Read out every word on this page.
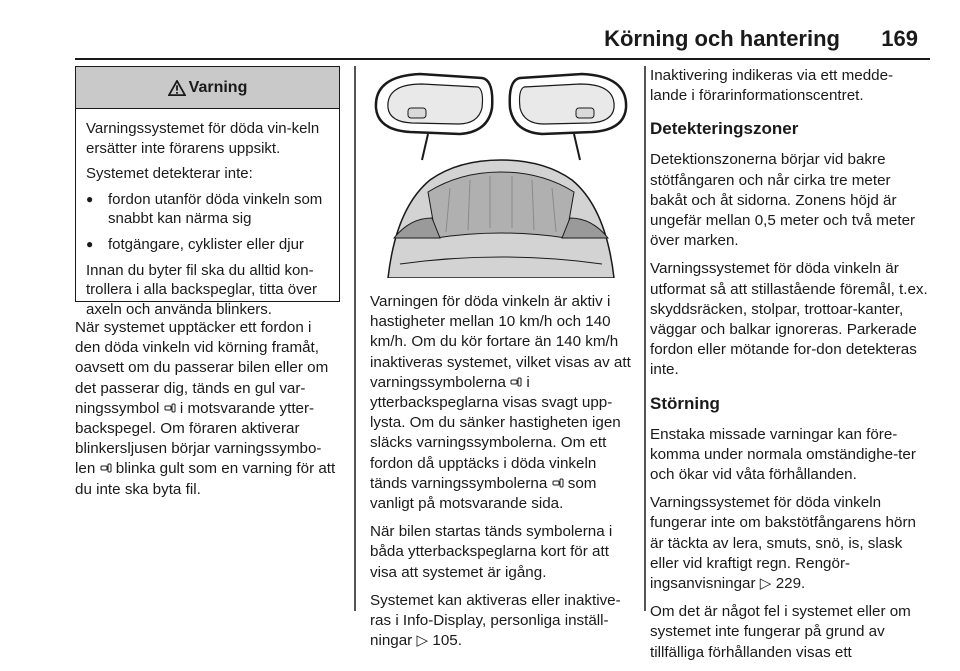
Körning och hantering 169
Varning

Varningssystemet för döda vin-keln ersätter inte förarens uppsikt.

Systemet detekterar inte:

● fordon utanför döda vinkeln som snabbt kan närma sig
● fotgängare, cyklister eller djur

Innan du byter fil ska du alltid kon-trollera i alla backspeglar, titta över axeln och använda blinkers.

När systemet upptäcker ett fordon i den döda vinkeln vid körning framåt, oavsett om du passerar bilen eller om det passerar dig, tänds en gul var-ningssymbol i motsvarande ytter-backspegel. Om föraren aktiverar blinkersljusen börjar varningssymbo-len blinka gult som en varning för att du inte ska byta fil.

Varningen för döda vinkeln är aktiv i hastigheter mellan 10 km/h och 140 km/h. Om du kör fortare än 140 km/h inaktiveras systemet, vilket visas av att varningssymbolerna i ytterbackspeglarna visas svagt upp-lysta. Om du sänker hastigheten igen släcks varningssymbolerna. Om ett fordon då upptäcks i döda vinkeln tänds varningssymbolerna som vanligt på motsvarande sida.

När bilen startas tänds symbolerna i båda ytterbackspeglarna kort för att visa att systemet är igång.

Systemet kan aktiveras eller inaktive-ras i Info-Display, personliga inställ-ningar ▷ 105.

Inaktivering indikeras via ett medde-lande i förarinformationscentret.

Detekteringszoner

Detektionszonerna börjar vid bakre stötfångaren och når cirka tre meter bakåt och åt sidorna. Zonens höjd är ungefär mellan 0,5 meter och två meter över marken.

Varningssystemet för döda vinkeln är utformat så att stillastående föremål, t.ex. skyddsräcken, stolpar, trottoar-kanter, väggar och balkar ignoreras. Parkerade fordon eller mötande for-don detekteras inte.

Störning

Enstaka missade varningar kan före-komma under normala omständighe-ter och ökar vid våta förhållanden.

Varningssystemet för döda vinkeln fungerar inte om bakstötfångarens hörn är täckta av lera, smuts, snö, is, slask eller vid kraftigt regn. Rengör-ingsanvisningar ▷ 229.

Om det är något fel i systemet eller om systemet inte fungerar på grund av tillfälliga förhållanden visas ett
